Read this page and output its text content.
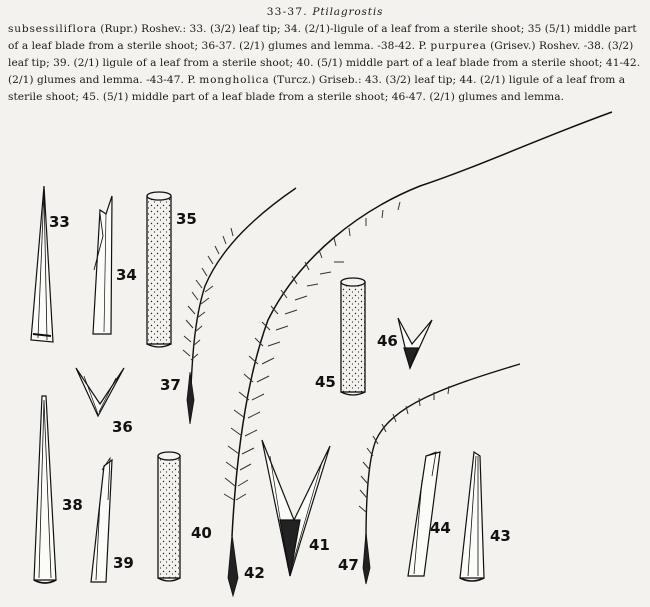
33-37. Ptilagrostis
subsessiliflora (Rupr.) Roshev.: 33. (3/2) leaf tip; 34. (2/1)-ligule of a leaf from a sterile shoot; 35 (5/1) middle part of a leaf blade from a sterile shoot; 36-37. (2/1) glumes and lemma. -38-42. P. purpurea (Grisev.) Roshev. -38. (3/2) leaf tip; 39. (2/1) ligule of a leaf from a sterile shoot; 40. (5/1) middle part of a leaf blade from a sterile shoot; 41-42. (2/1) glumes and lemma. -43-47. P. mongholica (Turcz.) Griseb.: 43. (3/2) leaf tip; 44. (2/1) ligule of a leaf from a sterile shoot; 45. (5/1) middle part of a leaf blade from a sterile shoot; 46-47. (2/1) glumes and lemma.
33
34
35
36
37
38
39
40
41
42
43
44
45
46
47
